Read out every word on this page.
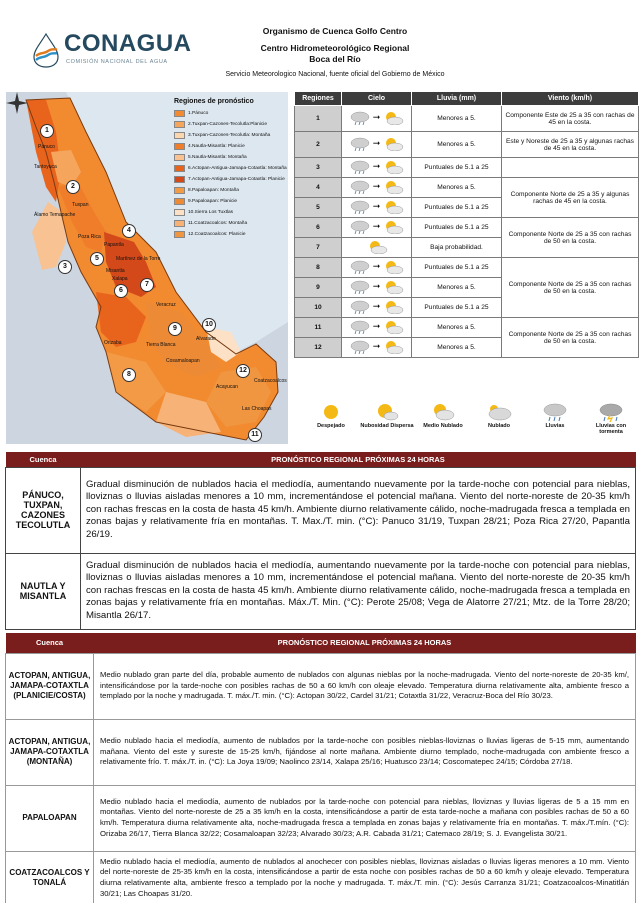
CONAGUA
COMISIÓN NACIONAL DEL AGUA
Organismo de Cuenca Golfo Centro
Centro Hidrometeorológico Regional
Boca del Río
Servicio Meteorologico Nacional, fuente oficial del Gobierno de México
Regiones de pronóstico
1.Pánuco
2.Tuxpan-Cazones-Tecolutla:Planicie
3.Tuxpan-Cazones-Tecolutla: Montaña
4.Nautla-Misantla: Planicie
5.Nautla-Misantla: Montaña
6.Actopan-Antigua-Jamapa-Cotaxtla: Montaña
7.Actopan-Antigua-Jamapa-Cotaxtla: Planicie
8.Papaloapan: Montaña
9.Papaloapan: Planicie
10.Sierra Los Tuxtlas
11.Coatzacoalcos: Montaña
12.Coatzacoalcos: Planicie
1
2
3
4
5
6
7
8
9
10
11
12
Pánuco
Tantoyuca
Tuxpan
Álamo Temapache
Poza Rica
Papantla
Martínez de la Torre
Misantla
Xalapa
Veracruz
Orizaba	Tierra Blanca
Cosamaloapan
Acayucan
Coatzacoalcos
Las Choapas
Alvarado
Regiones	Cielo	Lluvia (mm)	Viento (km/h)
1	➞	Menores a 5.	Componente Este de 25 a 35 con rachas de 45 en la costa.
2	➞	Menores a 5.	Este y Noreste de 25 a 35 y algunas rachas de 45 en la costa.
3	➞	Puntuales de 5.1 a 25	
4	➞	Menores a 5.	Componente Norte de 25 a 35 y algunas rachas de 45 en la costa.
5	➞	Puntuales de 5.1 a 25	
6	➞	Puntuales de 5.1 a 25	Componente Norte de 25 a 35 con rachas de 50 en la costa.
7		Baja probabilidad.	
8	➞	Puntuales de 5.1 a 25	Componente Norte de 25 a 35 con rachas de 50 en la costa.
9	➞	Menores a 5.	
10	➞	Puntuales de 5.1 a 25	
11	➞	Menores a 5.	Componente Norte de 25 a 35 con rachas de 50 en la costa.
12	➞	Menores a 5.	
Despejado	Nubosidad Dispersa	Medio Nublado	Nublado	Lluvias	Lluvias con tormenta
Cuenca	PRONÓSTICO REGIONAL PRÓXIMAS 24 HORAS
PÁNUCO, TUXPAN, CAZONES TECOLUTLA	Gradual disminución de nublados hacia el mediodía, aumentando nuevamente por la tarde-noche con potencial para nieblas, lloviznas o lluvias aisladas menores a 10 mm, incrementándose el potencial mañana. Viento del norte-noreste de 20-35 km/h con rachas frescas en la costa de hasta 45 km/h. Ambiente diurno relativamente cálido, noche-madrugada fresca a templada en zonas bajas y relativamente fría en montañas. T. Max./T. min. (°C): Panuco 31/19, Tuxpan 28/21; Poza Rica 27/20, Papantla 26/19.
NAUTLA Y MISANTLA	Gradual disminución de nublados hacia el mediodía, aumentando nuevamente por la tarde-noche con potencial para nieblas, lloviznas o lluvias aisladas menores a 10 mm, incrementándose el potencial mañana. Viento del norte-noreste de 20-35 km/h con rachas frescas en la costa de hasta 45 km/h. Ambiente diurno relativamente cálido, noche-madrugada fresca a templada en zonas bajas y relativamente fría en montañas. Máx./T. Min. (°C): Perote 25/08; Vega de Alatorre 27/21; Mtz. de la Torre 28/20; Misantla 26/17.
Cuenca	PRONÓSTICO REGIONAL PRÓXIMAS 24 HORAS
ACTOPAN, ANTIGUA, JAMAPA-COTAXTLA (PLANICIE/COSTA)	Medio nublado gran parte del día, probable aumento de nublados con algunas nieblas por la noche-madrugada. Viento del norte-noreste de 20-35 km/, intensificándose por la tarde-noche con posibles rachas de 50 a 60 km/h con oleaje elevado. Temperatura diurna relativamente alta, ambiente fresco a templado por la noche y madrugada. T. máx./T. min. (°C): Actopan 30/22, Cardel 31/21; Cotaxtla 31/22, Veracruz-Boca del Río 30/23.
ACTOPAN, ANTIGUA, JAMAPA-COTAXTLA (MONTAÑA)	Medio nublado hacia el mediodía, aumento de nublados por la tarde-noche con posibles nieblas-lloviznas o lluvias ligeras de 5-15 mm, aumentando mañana. Viento del este y sureste de 15-25 km/h, fijándose al norte mañana. Ambiente diurno templado, noche-madrugada con ambiente fresco a relativamente frío. T. máx./T. in. (°C): La Joya 19/09; Naolinco 23/14, Xalapa 25/16; Huatusco 23/14; Coscomatepec 24/15; Córdoba 27/18.
PAPALOAPAN	Medio nublado hacia el mediodía, aumento de nublados por la tarde-noche con potencial para nieblas, lloviznas y lluvias ligeras de 5 a 15 mm en montañas. Viento del norte-noreste de 25 a 35 km/h en la costa, intensificándose a partir de esta tarde-noche a mañana con posibles rachas de 50 a 60 km/h. Temperatura diurna relativamente alta, noche-madrugada fresca a templada en zonas bajas y relativamente fría en montañas. T. máx./T.mín. (°C): Orizaba 26/17, Tierra Blanca 32/22; Cosamaloapan 32/23; Alvarado 30/23; A.R. Cabada 31/21; Catemaco 28/19; S. J. Evangelista 30/21.
COATZACOALCOS Y TONALÁ	Medio nublado hacia el mediodía, aumento de nublados al anochecer con posibles nieblas, lloviznas aisladas o lluvias ligeras menores a 10 mm. Viento del norte-noreste de 25-35 km/h en la costa, intensificándose a partir de esta noche con posibles rachas de 50 a 60 km/h y oleaje elevado. Temperatura diurna relativamente alta, ambiente fresco a templado por la noche y madrugada. T. máx./T. min. (°C): Jesús Carranza 31/21; Coatzacoalcos-Minatitlán 30/21; Las Choapas 31/20.
